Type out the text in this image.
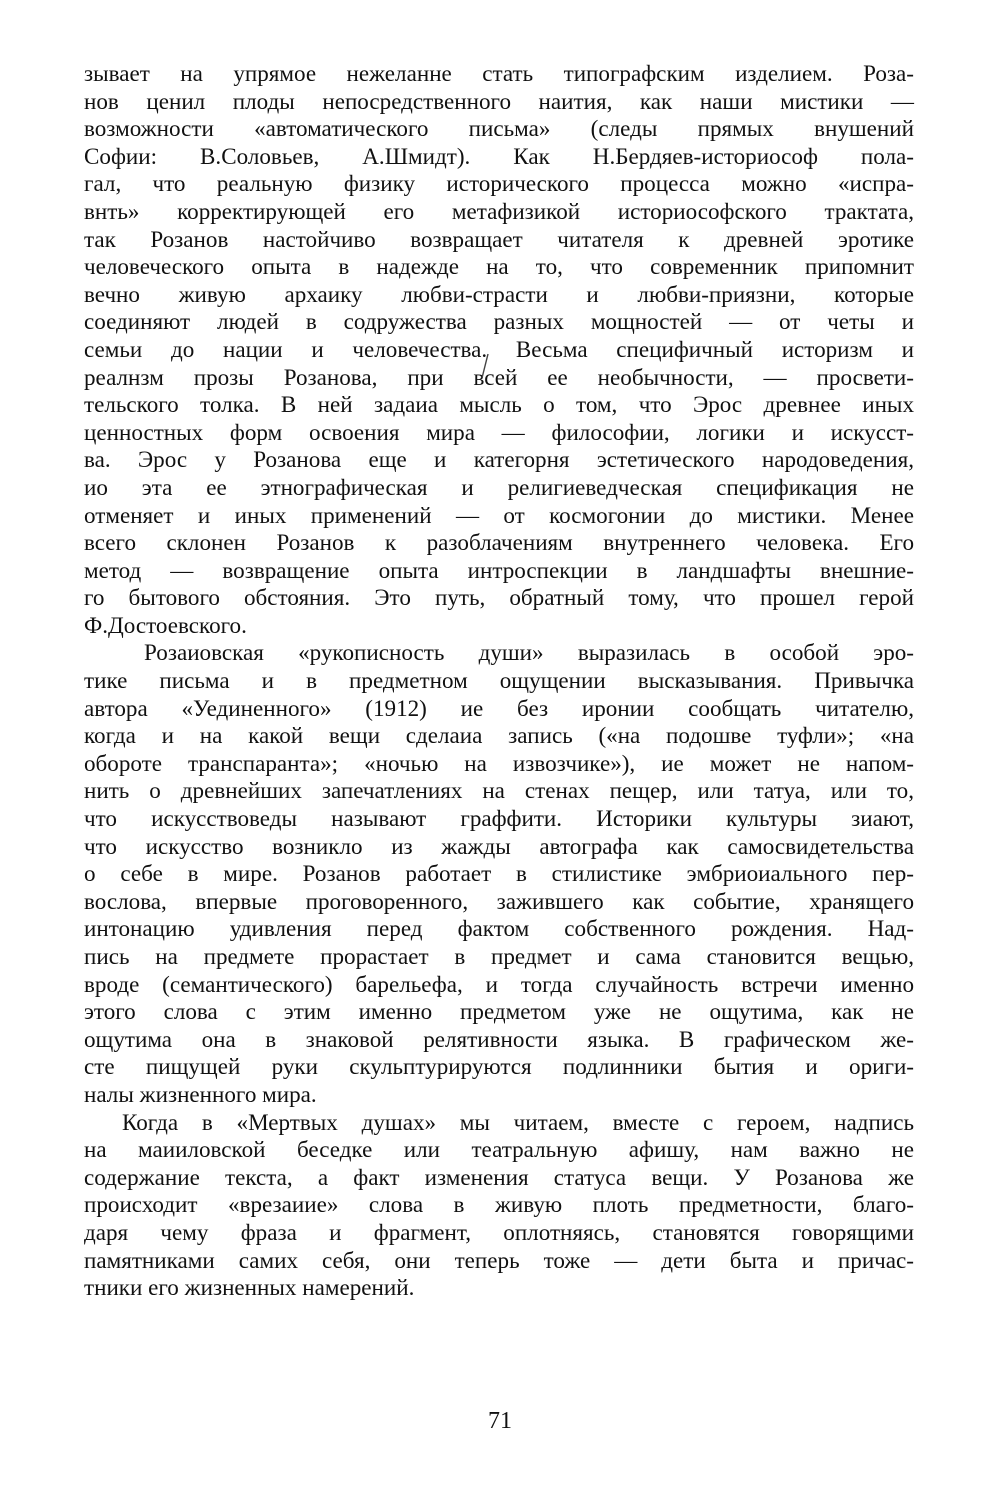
зывает на упрямое нежеланне стать типографским изделием. Роза-
нов ценил плоды непосредственного наития, как наши мистики —
возможности «автоматического письма» (следы прямых внушений
Софии: В.Соловьев, А.Шмидт). Как Н.Бердяев-историософ пола-
гал, что реальную физику исторического процесса можно «испра-
внть» корректирующей его метафизикой историософского трактата,
так Розанов настойчиво возвращает читателя к древней эротике
человеческого опыта в надежде на то, что современник припомнит
вечно живую архаику любви-страсти и любви-приязни, которые
соединяют людей в содружества разных мощностей — от четы и
семьи до нации и человечества. Весьма специфичный историзм и
реалнзм прозы Розанова, при всей ее необычности, — просвети-
тельского толка. В ней задаиа мысль о том, что Эрос древнее иных
ценностных форм освоения мира — философии, логики и искусст-
ва. Эрос у Розанова еще и категорня эстетического народоведения,
ио эта ее этнографическая и религиеведческая спецификация не
отменяет и иных применений — от космогонии до мистики. Менее
всего склонен Розанов к разоблачениям внутреннего человека. Его
метод — возвращение опыта интроспекции в ландшафты внешние-
го бытового обстояния. Это путь, обратный тому, что прошел герой
Ф.Достоевского.
Розаиовская «рукописность души» выразилась в особой эро-
тике письма и в предметном ощущении высказывания. Привычка
автора «Уединенного» (1912) ие без иронии сообщать читателю,
когда и на какой вещи сделаиа запись («на подошве туфли»; «на
обороте транспаранта»; «ночью на извозчике»), ие может не напом-
нить о древнейших запечатлениях на стенах пещер, или татуа, или то,
что искусствоведы называют граффити. Историки культуры зиают,
что искусство возникло из жажды автографа как самосвидетельства
о себе в мире. Розанов работает в стилистике эмбриоиального пер-
вослова, впервые проговоренного, зажившего как событие, хранящего
интонацию удивления перед фактом собственного рождения. Над-
пись на предмете прорастает в предмет и сама становится вещью,
вроде (семантического) барельефа, и тогда случайность встречи именно
этого слова с этим именно предметом уже не ощутима, как не
ощутима она в знаковой релятивности языка. В графическом же-
сте пищущей руки скульптурируются подлинники бытия и ориги-
налы жизненного мира.
Когда в «Мертвых душах» мы читаем, вместе с героем, надпись
на маииловской беседке или театральную афишу, нам важно не
содержание текста, а факт изменения статуса вещи. У Розанова же
происходит «врезаиие» слова в живую плоть предметности, благо-
даря чему фраза и фрагмент, оплотняясь, становятся говорящими
памятниками самих себя, они теперь тоже — дети быта и причас-
тники его жизненных намерений.
71
